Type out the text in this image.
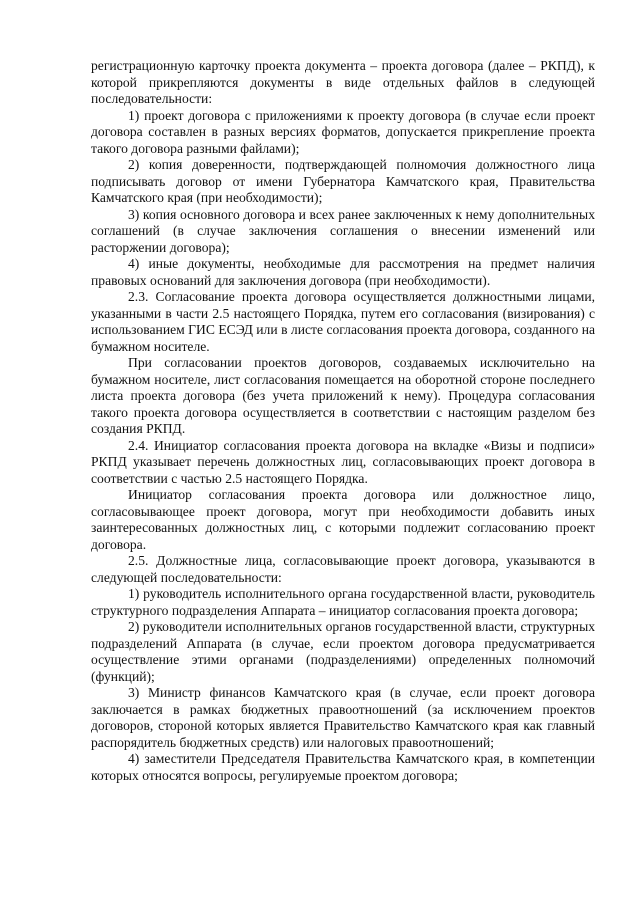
регистрационную карточку проекта документа – проекта договора (далее – РКПД), к которой прикрепляются документы в виде отдельных файлов в следующей последовательности:

1) проект договора с приложениями к проекту договора (в случае если проект договора составлен в разных версиях форматов, допускается прикрепление проекта такого договора разными файлами);

2) копия доверенности, подтверждающей полномочия должностного лица подписывать договор от имени Губернатора Камчатского края, Правительства Камчатского края (при необходимости);

3) копия основного договора и всех ранее заключенных к нему дополнительных соглашений (в случае заключения соглашения о внесении изменений или расторжении договора);

4) иные документы, необходимые для рассмотрения на предмет наличия правовых оснований для заключения договора (при необходимости).

2.3. Согласование проекта договора осуществляется должностными лицами, указанными в части 2.5 настоящего Порядка, путем его согласования (визирования) с использованием ГИС ЕСЭД или в листе согласования проекта договора, созданного на бумажном носителе.

При согласовании проектов договоров, создаваемых исключительно на бумажном носителе, лист согласования помещается на оборотной стороне последнего листа проекта договора (без учета приложений к нему). Процедура согласования такого проекта договора осуществляется в соответствии с настоящим разделом без создания РКПД.

2.4. Инициатор согласования проекта договора на вкладке «Визы и подписи» РКПД указывает перечень должностных лиц, согласовывающих проект договора в соответствии с частью 2.5 настоящего Порядка.

Инициатор согласования проекта договора или должностное лицо, согласовывающее проект договора, могут при необходимости добавить иных заинтересованных должностных лиц, с которыми подлежит согласованию проект договора.

2.5. Должностные лица, согласовывающие проект договора, указываются в следующей последовательности:

1) руководитель исполнительного органа государственной власти, руководитель структурного подразделения Аппарата – инициатор согласования проекта договора;

2) руководители исполнительных органов государственной власти, структурных подразделений Аппарата (в случае, если проектом договора предусматривается осуществление этими органами (подразделениями) определенных полномочий (функций);

3) Министр финансов Камчатского края (в случае, если проект договора заключается в рамках бюджетных правоотношений (за исключением проектов договоров, стороной которых является Правительство Камчатского края как главный распорядитель бюджетных средств) или налоговых правоотношений;

4) заместители Председателя Правительства Камчатского края, в компетенции которых относятся вопросы, регулируемые проектом договора;
